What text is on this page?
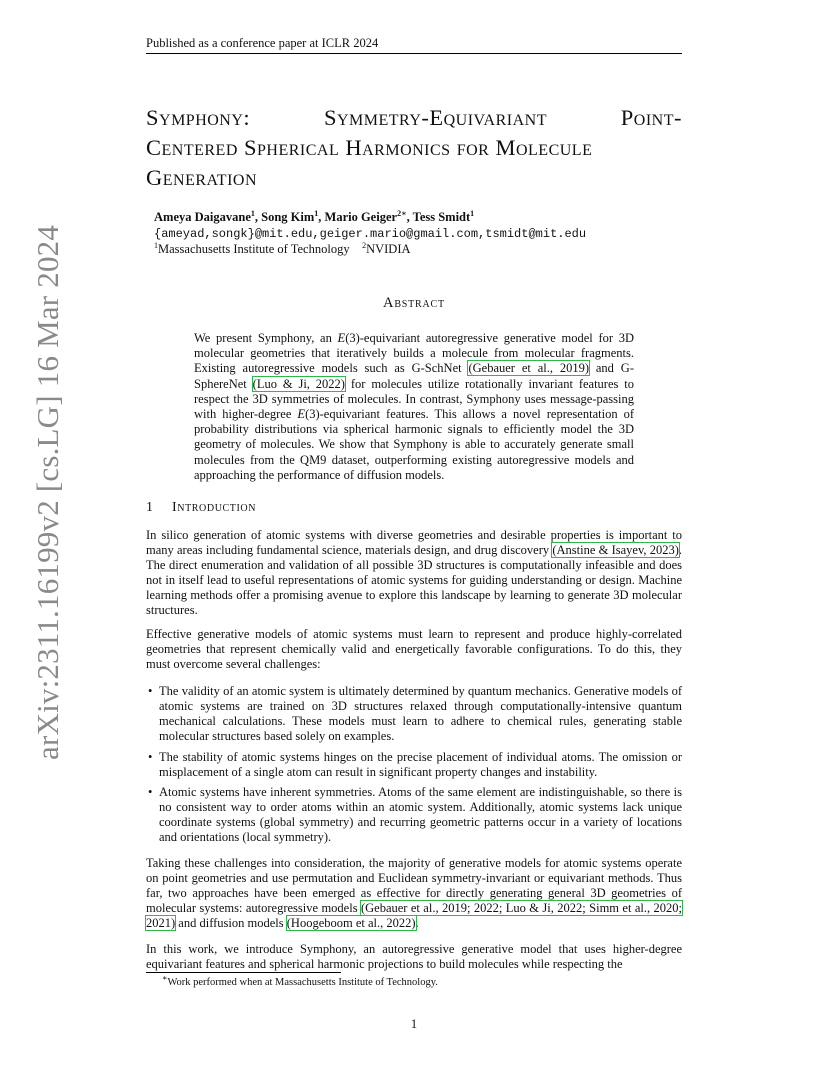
Published as a conference paper at ICLR 2024
arXiv:2311.16199v2 [cs.LG] 16 Mar 2024
Symphony:	Symmetry-Equivariant	Point-
Centered Spherical Harmonics for Molecule
Generation
Ameya Daigavane$^1$, Song Kim$^1$, Mario Geiger$^{2∗}$, Tess Smidt$^1$
{ameyad,songk}@mit.edu,geiger.mario@gmail.com,tsmidt@mit.edu
$^1$Massachusetts Institute of Technology $^2$NVIDIA
Abstract
We present Symphony, an E(3)-equivariant autoregressive generative model for 3D molecular geometries that iteratively builds a molecule from molecular fragments. Existing autoregressive models such as G-SchNet (Gebauer et al., 2019) and G-SphereNet (Luo & Ji, 2022) for molecules utilize rotationally invariant features to respect the 3D symmetries of molecules. In contrast, Symphony uses message-passing with higher-degree E(3)-equivariant features. This allows a novel representation of probability distributions via spherical harmonic signals to efficiently model the 3D geometry of molecules. We show that Symphony is able to accurately generate small molecules from the QM9 dataset, outperforming existing autoregressive models and approaching the performance of diffusion models.
1 Introduction

In silico generation of atomic systems with diverse geometries and desirable properties is important to many areas including fundamental science, materials design, and drug discovery (Anstine & Isayev, 2023). The direct enumeration and validation of all possible 3D structures is computationally infeasible and does not in itself lead to useful representations of atomic systems for guiding understanding or design. Machine learning methods offer a promising avenue to explore this landscape by learning to generate 3D molecular structures.

Effective generative models of atomic systems must learn to represent and produce highly-correlated geometries that represent chemically valid and energetically favorable configurations. To do this, they must overcome several challenges:

• The validity of an atomic system is ultimately determined by quantum mechanics. Generative models of atomic systems are trained on 3D structures relaxed through computationally-intensive quantum mechanical calculations. These models must learn to adhere to chemical rules, generating stable molecular structures based solely on examples.
• The stability of atomic systems hinges on the precise placement of individual atoms. The omission or misplacement of a single atom can result in significant property changes and instability.
• Atomic systems have inherent symmetries. Atoms of the same element are indistinguishable, so there is no consistent way to order atoms within an atomic system. Additionally, atomic systems lack unique coordinate systems (global symmetry) and recurring geometric patterns occur in a variety of locations and orientations (local symmetry).

Taking these challenges into consideration, the majority of generative models for atomic systems operate on point geometries and use permutation and Euclidean symmetry-invariant or equivariant methods. Thus far, two approaches have been emerged as effective for directly generating general 3D geometries of molecular systems: autoregressive models (Gebauer et al., 2019; 2022; Luo & Ji, 2022; Simm et al., 2020; 2021) and diffusion models (Hoogeboom et al., 2022).

In this work, we introduce Symphony, an autoregressive generative model that uses higher-degree equivariant features and spherical harmonic projections to build molecules while respecting the

∗Work performed when at Massachusetts Institute of Technology.
1
